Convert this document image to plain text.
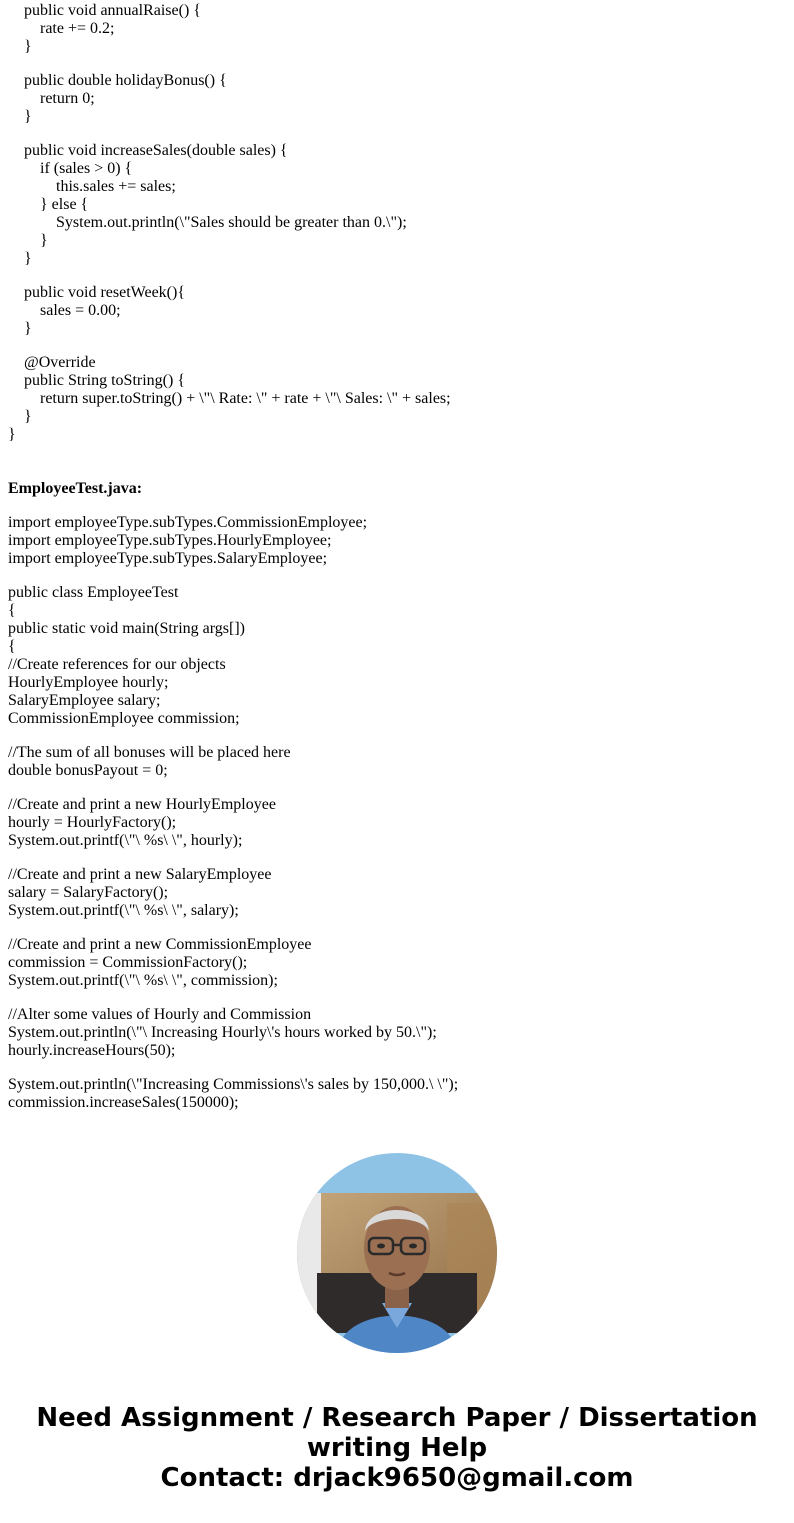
public void annualRaise() {
rate += 0.2;
}
public double holidayBonus() {
return 0;
}
public void increaseSales(double sales) {
if (sales > 0) {
this.sales += sales;
} else {
System.out.println(\"Sales should be greater than 0.\");
}
}
public void resetWeek(){
sales = 0.00;
}
@Override
public String toString() {
return super.toString() + \"\ Rate: \" + rate + \"\ Sales: \" + sales;
}
}
EmployeeTest.java:
import employeeType.subTypes.CommissionEmployee;
import employeeType.subTypes.HourlyEmployee;
import employeeType.subTypes.SalaryEmployee;
public class EmployeeTest
{
public static void main(String args[])
{
//Create references for our objects
HourlyEmployee hourly;
SalaryEmployee salary;
CommissionEmployee commission;
//The sum of all bonuses will be placed here
double bonusPayout = 0;
//Create and print a new HourlyEmployee
hourly = HourlyFactory();
System.out.printf(\"\ %s\ \", hourly);
//Create and print a new SalaryEmployee
salary = SalaryFactory();
System.out.printf(\"\ %s\ \", salary);
//Create and print a new CommissionEmployee
commission = CommissionFactory();
System.out.printf(\"\ %s\ \", commission);
//Alter some values of Hourly and Commission
System.out.println(\"\ Increasing Hourly\'s hours worked by 50.\");
hourly.increaseHours(50);
System.out.println(\"Increasing Commissions\'s sales by 150,000.\ \");
commission.increaseSales(150000);
Need Assignment / Research Paper / Dissertation
writing Help
Contact: drjack9650@gmail.com
